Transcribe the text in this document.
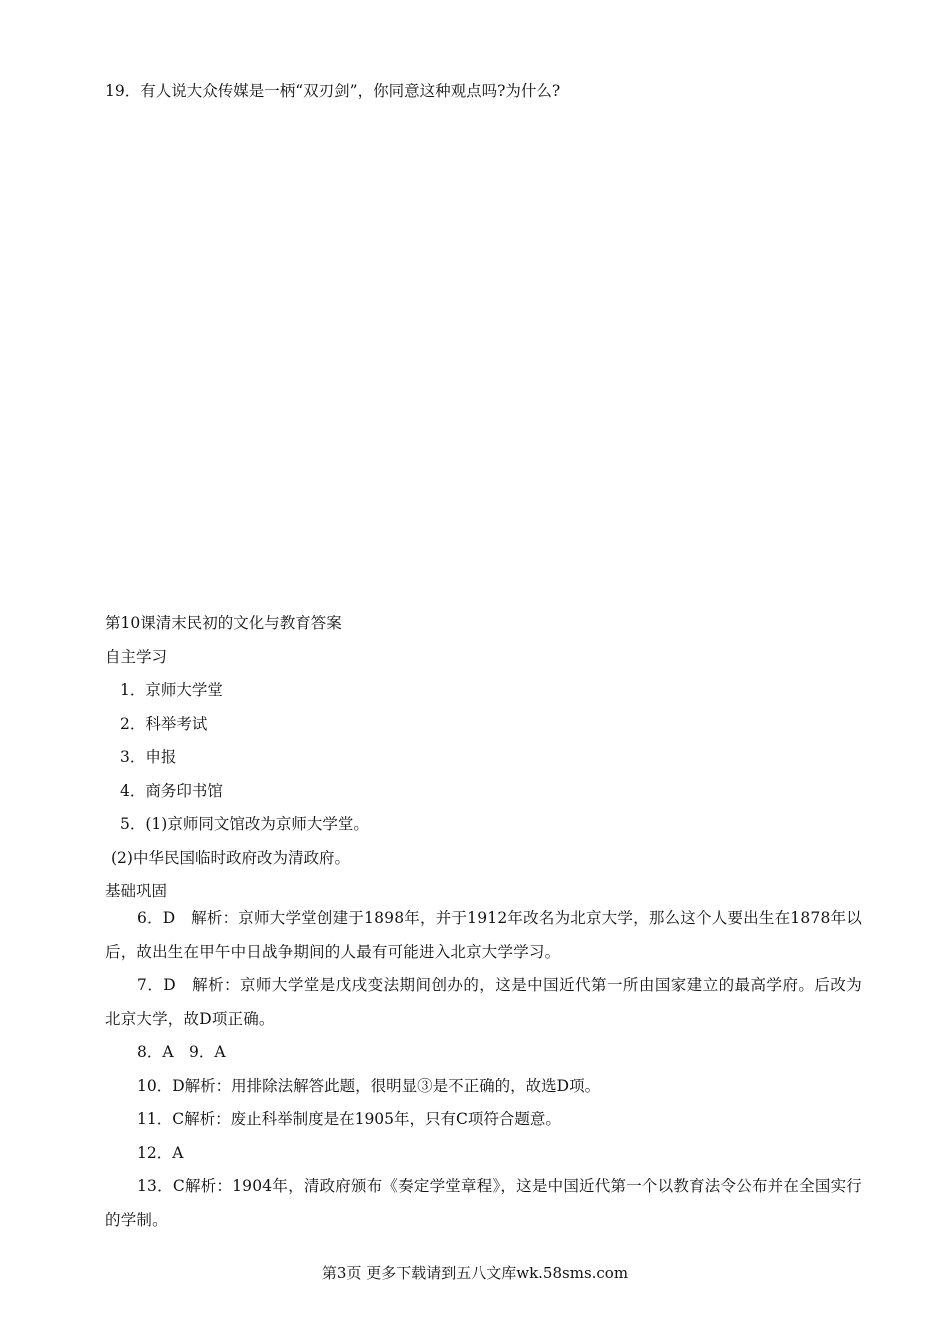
19．有人说大众传媒是一柄“双刃剑”，你同意这种观点吗?为什么?
第10课清末民初的文化与教育答案
自主学习
1．京师大学堂
2．科举考试
3．申报
4．商务印书馆
5．(1)京师同文馆改为京师大学堂。
(2)中华民国临时政府改为清政府。
基础巩固
6．D　解析：京师大学堂创建于1898年，并于1912年改名为北京大学，那么这个人要出生在1878年以后，故出生在甲午中日战争期间的人最有可能进入北京大学学习。
7．D　解析：京师大学堂是戊戌变法期间创办的，这是中国近代第一所由国家建立的最高学府。后改为北京大学，故D项正确。
8．A　9．A
10．D解析：用排除法解答此题，很明显③是不正确的，故选D项。
11．C解析：废止科举制度是在1905年，只有C项符合题意。
12．A
13．C解析：1904年，清政府颁布《奏定学堂章程》，这是中国近代第一个以教育法令公布并在全国实行的学制。
第3页 更多下载请到五八文库wk.58sms.com
